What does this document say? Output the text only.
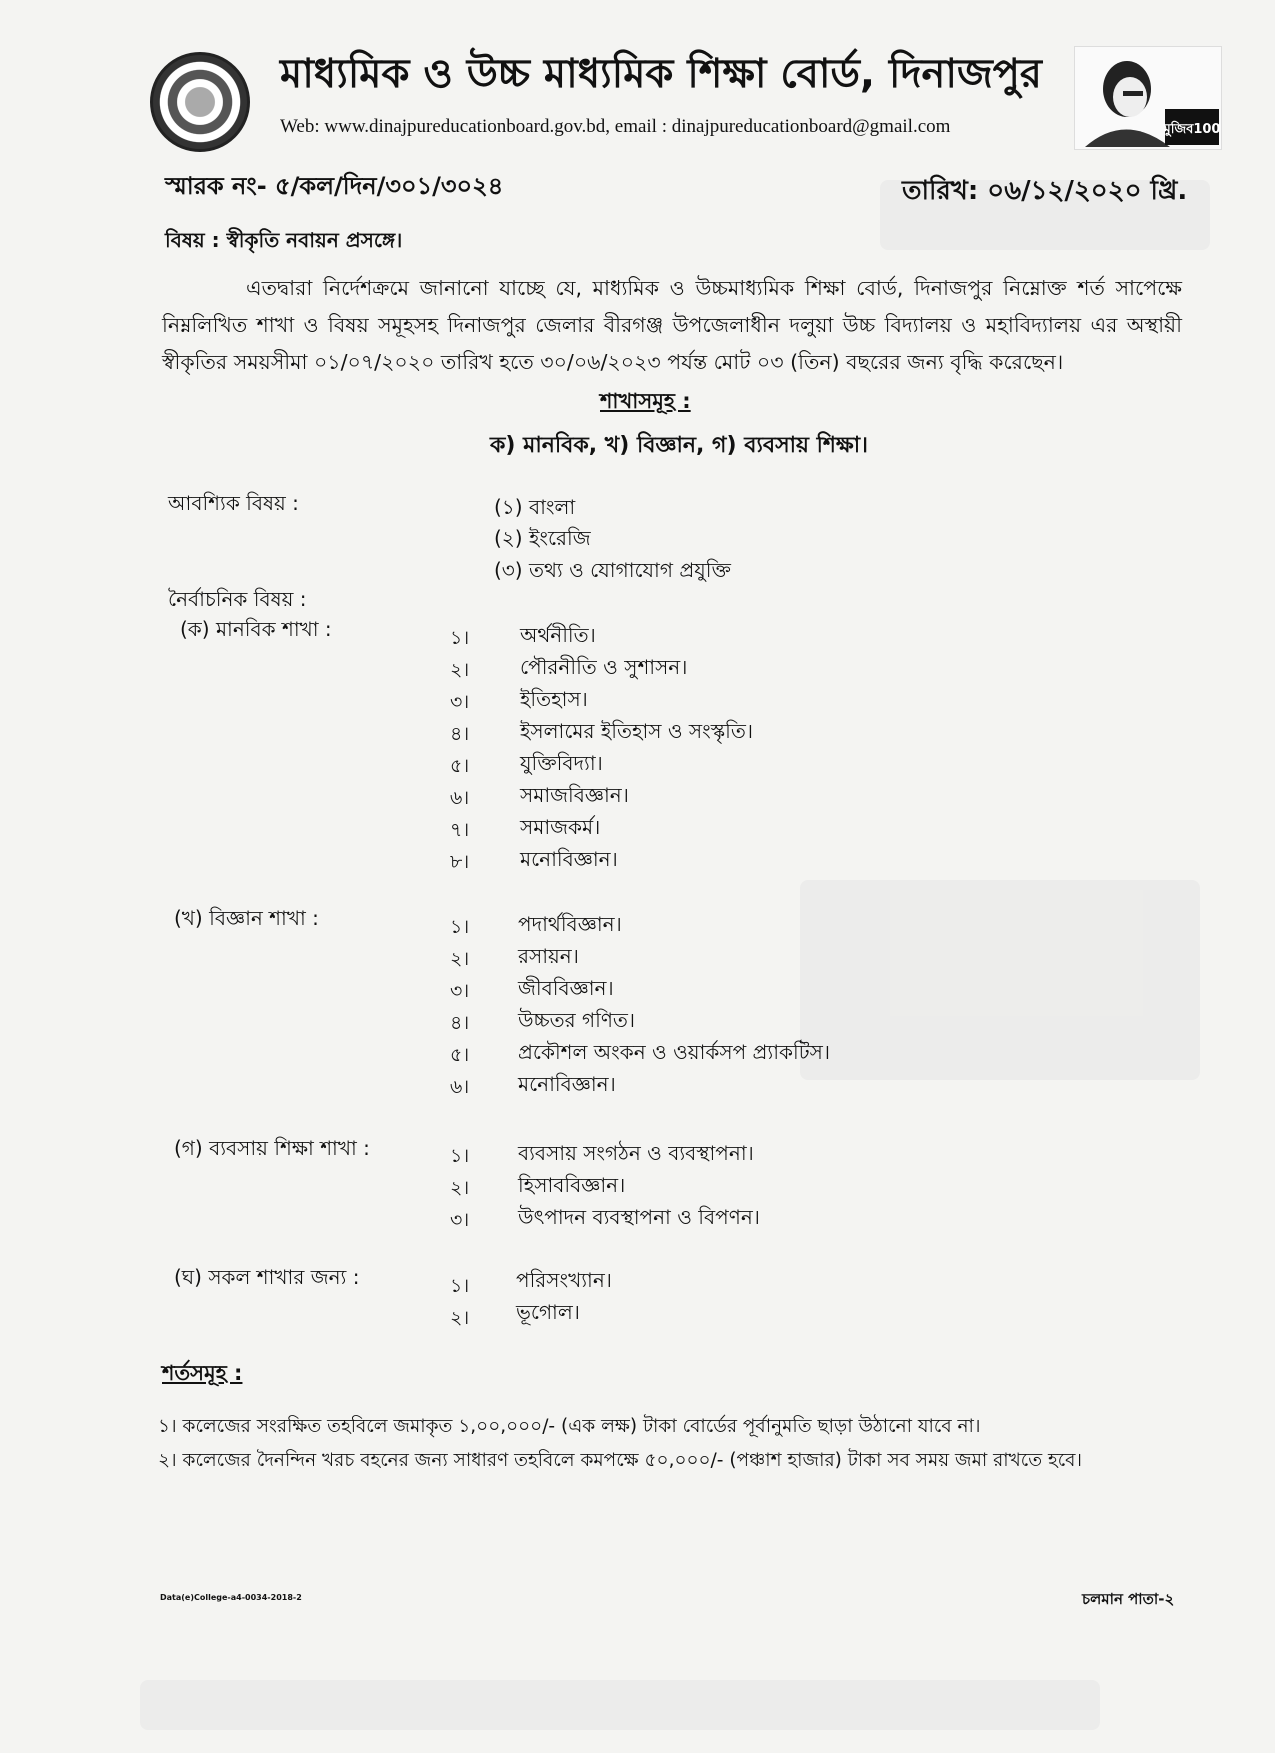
মাধ্যমিক ও উচ্চ মাধ্যমিক শিক্ষা বোর্ড, দিনাজপুর
Web: www.dinajpureducationboard.gov.bd, email : dinajpureducationboard@gmail.com	মুজিব100
স্মারক নং- ৫/কল/দিন/৩০১/৩০২৪	তারিখ: ০৬/১২/২০২০ খ্রি.
বিষয় : স্বীকৃতি নবায়ন প্রসঙ্গে।
এতদ্বারা নির্দেশক্রমে জানানো যাচ্ছে যে, মাধ্যমিক ও উচ্চমাধ্যমিক শিক্ষা বোর্ড, দিনাজপুর নিম্নোক্ত শর্ত সাপেক্ষে নিম্নলিখিত শাখা ও বিষয় সমূহসহ দিনাজপুর জেলার বীরগঞ্জ উপজেলাধীন দলুয়া উচ্চ বিদ্যালয় ও মহাবিদ্যালয় এর অস্থায়ী স্বীকৃতির সময়সীমা ০১/০৭/২০২০ তারিখ হতে ৩০/০৬/২০২৩ পর্যন্ত মোট ০৩ (তিন) বছরের জন্য বৃদ্ধি করেছেন।
শাখাসমূহ :
ক) মানবিক, খ) বিজ্ঞান, গ) ব্যবসায় শিক্ষা।
আবশ্যিক বিষয় :	(১) বাংলা
(২) ইংরেজি
(৩) তথ্য ও যোগাযোগ প্রযুক্তি
নৈর্বাচনিক বিষয় :
(ক) মানবিক শাখা :	১।	অর্থনীতি।
২।	পৌরনীতি ও সুশাসন।
৩।	ইতিহাস।
৪।	ইসলামের ইতিহাস ও সংস্কৃতি।
৫।	যুক্তিবিদ্যা।
৬।	সমাজবিজ্ঞান।
৭।	সমাজকর্ম।
৮।	মনোবিজ্ঞান।
(খ) বিজ্ঞান শাখা :	১।	পদার্থবিজ্ঞান।
২।	রসায়ন।
৩।	জীববিজ্ঞান।
৪।	উচ্চতর গণিত।
৫।	প্রকৌশল অংকন ও ওয়ার্কসপ প্র্যাকটিস।
৬।	মনোবিজ্ঞান।
(গ) ব্যবসায় শিক্ষা শাখা :	১।	ব্যবসায় সংগঠন ও ব্যবস্থাপনা।
২।	হিসাববিজ্ঞান।
৩।	উৎপাদন ব্যবস্থাপনা ও বিপণন।
(ঘ) সকল শাখার জন্য :	১।	পরিসংখ্যান।
২।	ভূগোল।
শর্তসমূহ :
১। কলেজের সংরক্ষিত তহবিলে জমাকৃত ১,০০,০০০/- (এক লক্ষ) টাকা বোর্ডের পূর্বানুমতি ছাড়া উঠানো যাবে না।
২। কলেজের দৈনন্দিন খরচ বহনের জন্য সাধারণ তহবিলে কমপক্ষে ৫০,০০০/- (পঞ্চাশ হাজার) টাকা সব সময় জমা রাখতে হবে।
Data(e)College-a4-0034-2018-2	চলমান পাতা-২
